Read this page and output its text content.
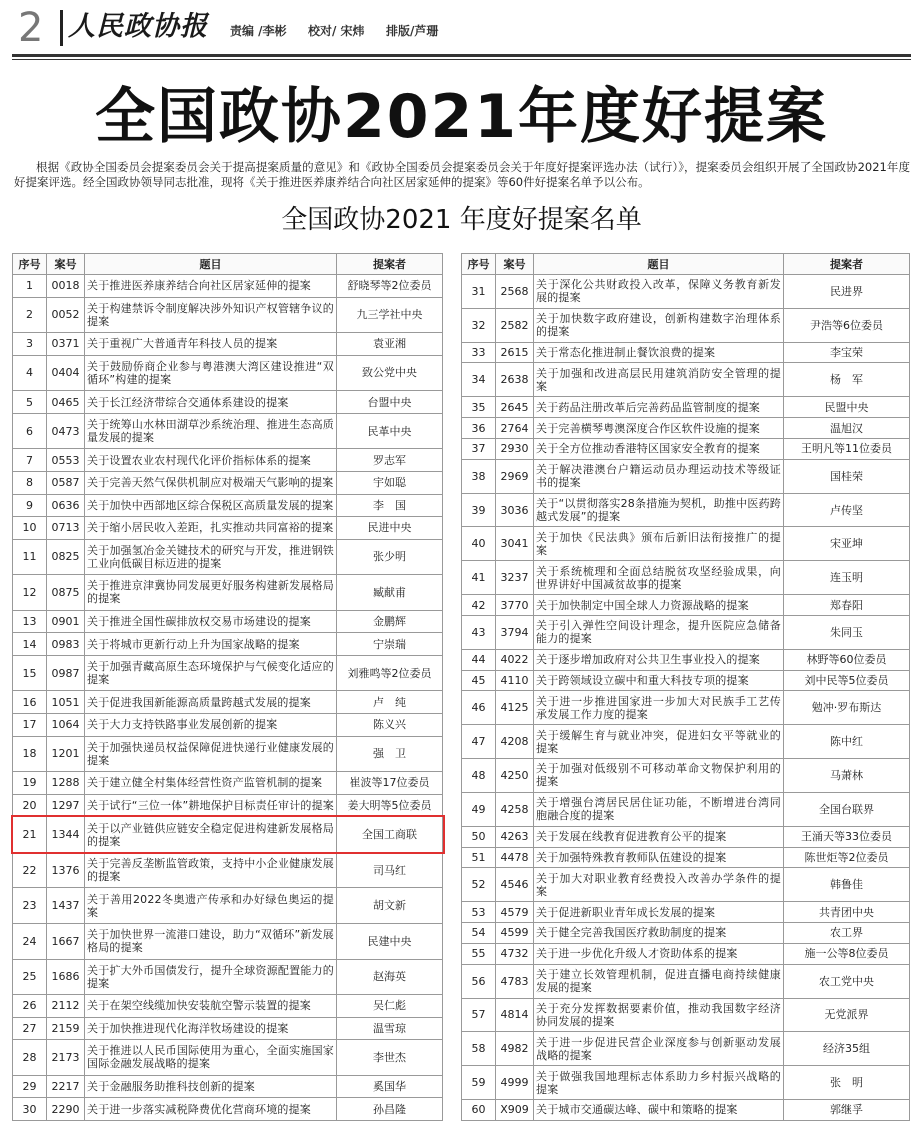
2 人民政协报 责编 /李彬 校对/ 宋炜 排版/芦珊
全国政协2021年度好提案
根据《政协全国委员会提案委员会关于提高提案质量的意见》和《政协全国委员会提案委员会关于年度好提案评选办法（试行）》，提案委员会组织开展了全国政协2021年度好提案评选。经全国政协领导同志批准，现将《关于推进医养康养结合向社区居家延伸的提案》等60件好提案名单予以公布。
全国政协2021 年度好提案名单
序号	案号	题目	提案者
1	0018	关于推进医养康养结合向社区居家延伸的提案	舒晓琴等2位委员
2	0052	关于构建禁诉令制度解决涉外知识产权管辖争议的提案	九三学社中央
3	0371	关于重视广大普通青年科技人员的提案	袁亚湘
4	0404	关于鼓励侨商企业参与粤港澳大湾区建设推进“双循环”构建的提案	致公党中央
5	0465	关于长江经济带综合交通体系建设的提案	台盟中央
6	0473	关于统筹山水林田湖草沙系统治理、推进生态高质量发展的提案	民革中央
7	0553	关于设置农业农村现代化评价指标体系的提案	罗志军
8	0587	关于完善天然气保供机制应对极端天气影响的提案	宇如聪
9	0636	关于加快中西部地区综合保税区高质量发展的提案	李　国
10	0713	关于缩小居民收入差距，扎实推动共同富裕的提案	民进中央
11	0825	关于加强氢冶金关键技术的研究与开发，推进钢铁工业向低碳目标迈进的提案	张少明
12	0875	关于推进京津冀协同发展更好服务构建新发展格局的提案	臧献甫
13	0901	关于推进全国性碳排放权交易市场建设的提案	金鹏辉
14	0983	关于将城市更新行动上升为国家战略的提案	宁崇瑞
15	0987	关于加强青藏高原生态环境保护与气候变化适应的提案	刘雅鸣等2位委员
16	1051	关于促进我国新能源高质量跨越式发展的提案	卢　纯
17	1064	关于大力支持铁路事业发展创新的提案	陈义兴
18	1201	关于加强快递员权益保障促进快递行业健康发展的提案	强　卫
19	1288	关于建立健全村集体经营性资产监管机制的提案	崔波等17位委员
20	1297	关于试行“三位一体”耕地保护目标责任审计的提案	姜大明等5位委员
21	1344	关于以产业链供应链安全稳定促进构建新发展格局的提案	全国工商联
22	1376	关于完善反垄断监管政策，支持中小企业健康发展的提案	司马红
23	1437	关于善用2022冬奥遗产传承和办好绿色奥运的提案	胡文新
24	1667	关于加快世界一流港口建设，助力“双循环”新发展格局的提案	民建中央
25	1686	关于扩大外币国债发行，提升全球资源配置能力的提案	赵海英
26	2112	关于在架空线缆加快安装航空警示装置的提案	吴仁彪
27	2159	关于加快推进现代化海洋牧场建设的提案	温雪琼
28	2173	关于推进以人民币国际使用为重心，全面实施国家国际金融发展战略的提案	李世杰
29	2217	关于金融服务助推科技创新的提案	奚国华
30	2290	关于进一步落实减税降费优化营商环境的提案	孙昌隆
序号	案号	题目	提案者
31	2568	关于深化公共财政投入改革，保障义务教育新发展的提案	民进界
32	2582	关于加快数字政府建设，创新构建数字治理体系的提案	尹浩等6位委员
33	2615	关于常态化推进制止餐饮浪费的提案	李宝荣
34	2638	关于加强和改进高层民用建筑消防安全管理的提案	杨　军
35	2645	关于药品注册改革后完善药品监管制度的提案	民盟中央
36	2764	关于完善横琴粤澳深度合作区软件设施的提案	温旭汉
37	2930	关于全方位推动香港特区国家安全教育的提案	王明凡等11位委员
38	2969	关于解决港澳台户籍运动员办理运动技术等级证书的提案	国桂荣
39	3036	关于“以贯彻落实28条措施为契机，助推中医药跨越式发展”的提案	卢传坚
40	3041	关于加快《民法典》颁布后新旧法衔接推广的提案	宋亚坤
41	3237	关于系统梳理和全面总结脱贫攻坚经验成果，向世界讲好中国减贫故事的提案	连玉明
42	3770	关于加快制定中国全球人力资源战略的提案	郑春阳
43	3794	关于引入弹性空间设计理念，提升医院应急储备能力的提案	朱同玉
44	4022	关于逐步增加政府对公共卫生事业投入的提案	林野等60位委员
45	4110	关于跨领域设立碳中和重大科技专项的提案	刘中民等5位委员
46	4125	关于进一步推进国家进一步加大对民族手工艺传承发展工作力度的提案	勉冲·罗布斯达
47	4208	关于缓解生育与就业冲突，促进妇女平等就业的提案	陈中红
48	4250	关于加强对低级别不可移动革命文物保护利用的提案	马萧林
49	4258	关于增强台湾居民居住证功能，不断增进台湾同胞融合度的提案	全国台联界
50	4263	关于发展在线教育促进教育公平的提案	王涌天等33位委员
51	4478	关于加强特殊教育教师队伍建设的提案	陈世炬等2位委员
52	4546	关于加大对职业教育经费投入改善办学条件的提案	韩鲁佳
53	4579	关于促进新职业青年成长发展的提案	共青团中央
54	4599	关于健全完善我国医疗救助制度的提案	农工界
55	4732	关于进一步优化升级人才资助体系的提案	施一公等8位委员
56	4783	关于建立长效管理机制，促进直播电商持续健康发展的提案	农工党中央
57	4814	关于充分发挥数据要素价值，推动我国数字经济协同发展的提案	无党派界
58	4982	关于进一步促进民营企业深度参与创新驱动发展战略的提案	经济35组
59	4999	关于做强我国地理标志体系助力乡村振兴战略的提案	张　明
60	X909	关于城市交通碳达峰、碳中和策略的提案	郭继孚
